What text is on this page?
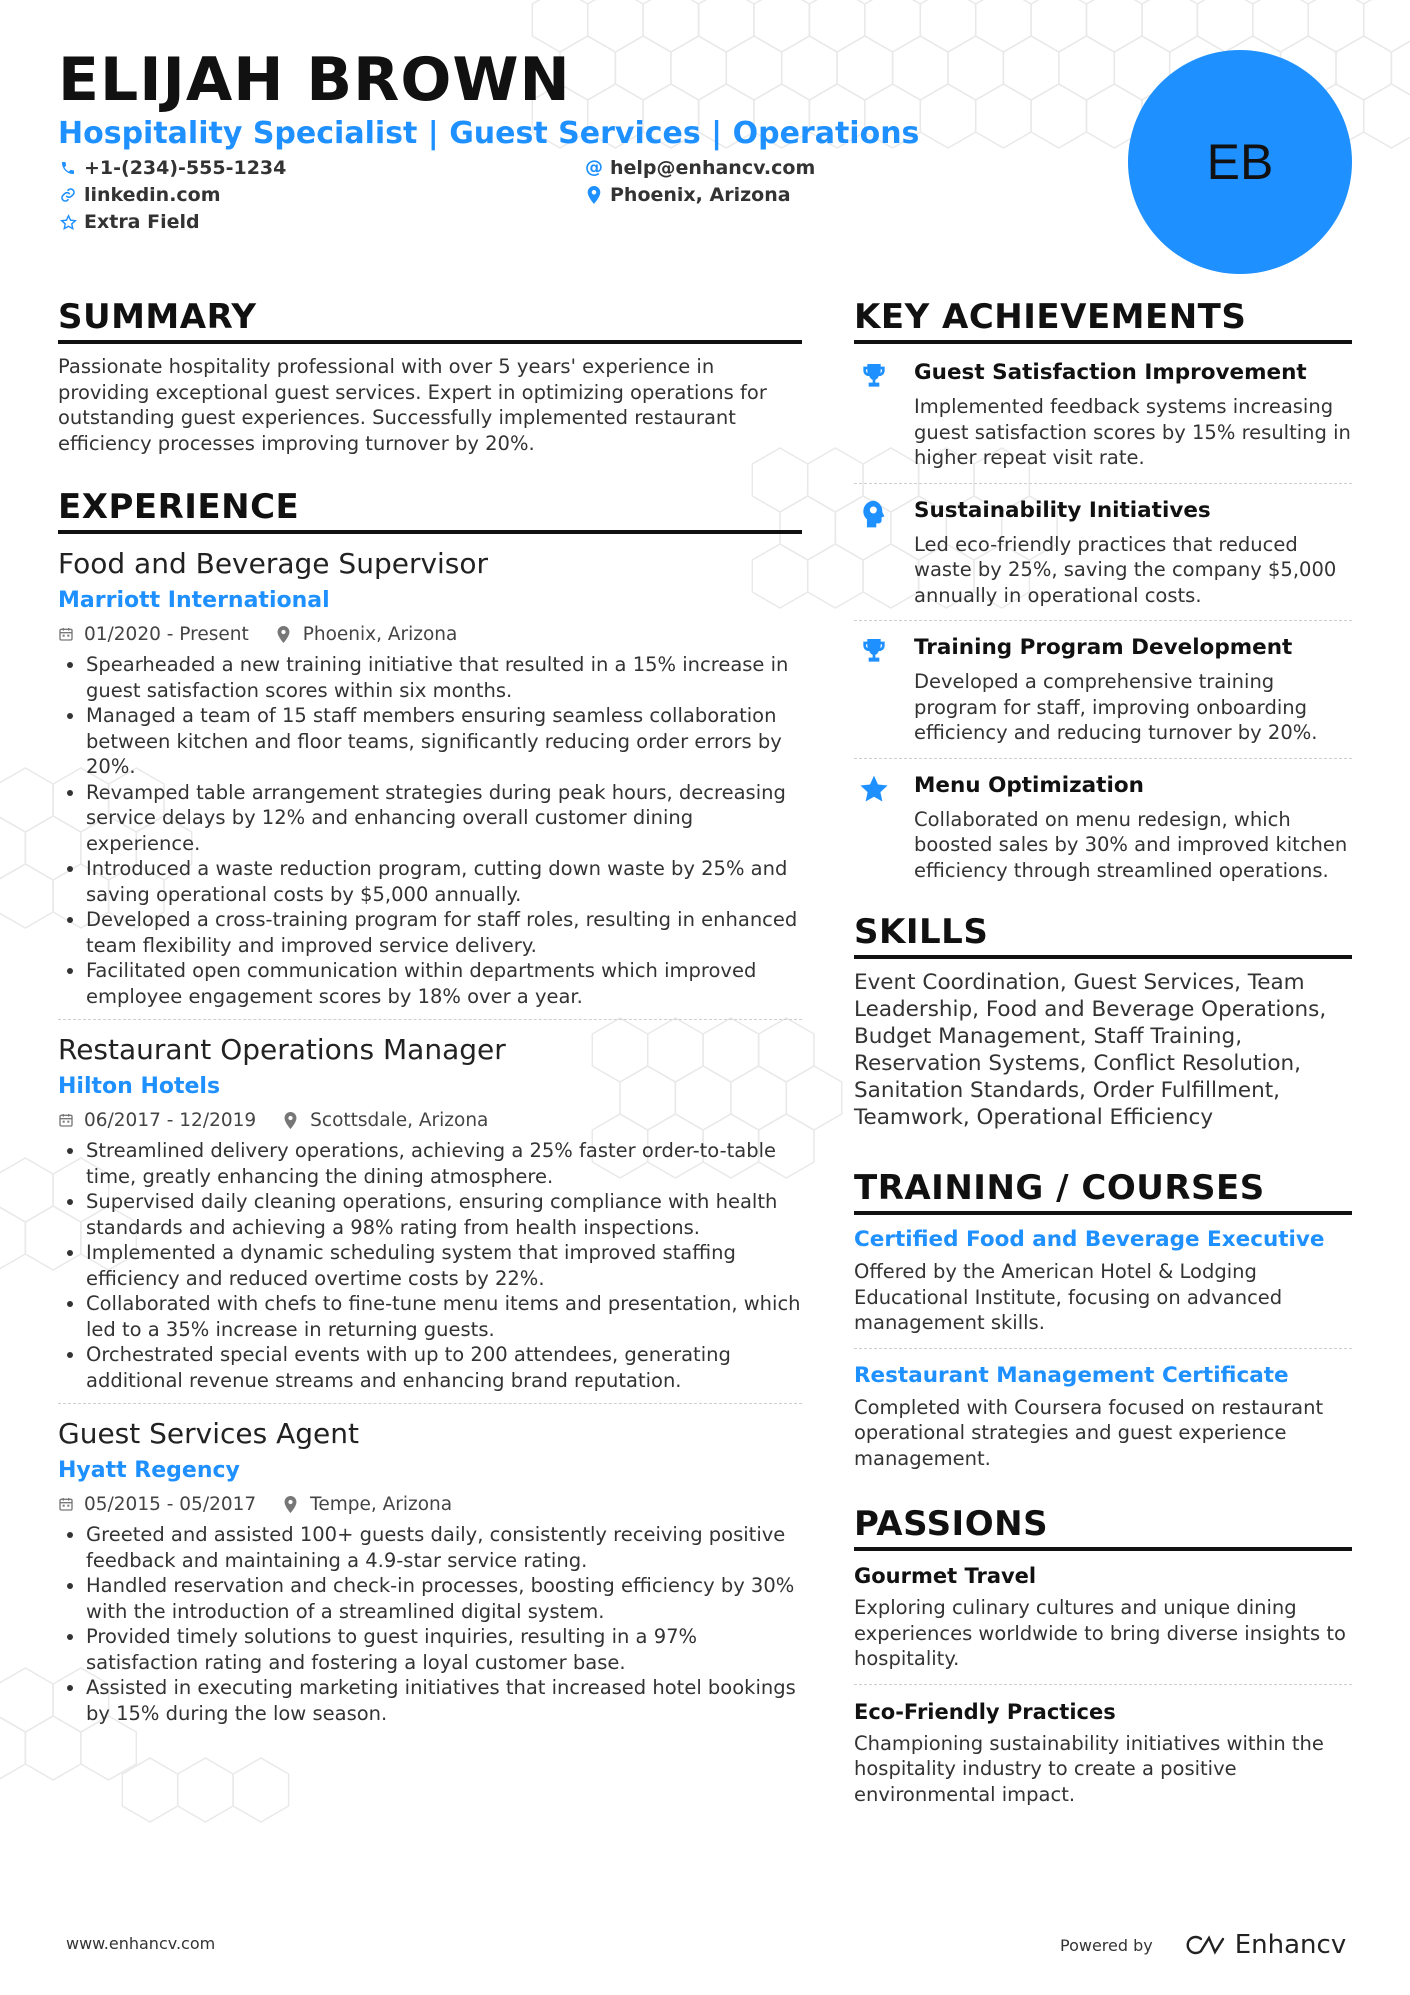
ELIJAH BROWN
Hospitality Specialist | Guest Services | Operations
+1-(234)-555-1234	@ help@enhancv.com
linkedin.com	Phoenix, Arizona
Extra Field
EB
SUMMARY

Passionate hospitality professional with over 5 years' experience in providing exceptional guest services. Expert in optimizing operations for outstanding guest experiences. Successfully implemented restaurant efficiency processes improving turnover by 20%.

EXPERIENCE
Food and Beverage Supervisor
Marriott International
01/2020 - Present	Phoenix, Arizona
• Spearheaded a new training initiative that resulted in a 15% increase in guest satisfaction scores within six months.
• Managed a team of 15 staff members ensuring seamless collaboration between kitchen and floor teams, significantly reducing order errors by 20%.
• Revamped table arrangement strategies during peak hours, decreasing service delays by 12% and enhancing overall customer dining experience.
• Introduced a waste reduction program, cutting down waste by 25% and saving operational costs by $5,000 annually.
• Developed a cross-training program for staff roles, resulting in enhanced team flexibility and improved service delivery.
• Facilitated open communication within departments which improved employee engagement scores by 18% over a year.
Restaurant Operations Manager
Hilton Hotels
06/2017 - 12/2019	Scottsdale, Arizona
• Streamlined delivery operations, achieving a 25% faster order-to-table time, greatly enhancing the dining atmosphere.
• Supervised daily cleaning operations, ensuring compliance with health standards and achieving a 98% rating from health inspections.
• Implemented a dynamic scheduling system that improved staffing efficiency and reduced overtime costs by 22%.
• Collaborated with chefs to fine-tune menu items and presentation, which led to a 35% increase in returning guests.
• Orchestrated special events with up to 200 attendees, generating additional revenue streams and enhancing brand reputation.
Guest Services Agent
Hyatt Regency
05/2015 - 05/2017	Tempe, Arizona
• Greeted and assisted 100+ guests daily, consistently receiving positive feedback and maintaining a 4.9-star service rating.
• Handled reservation and check-in processes, boosting efficiency by 30% with the introduction of a streamlined digital system.
• Provided timely solutions to guest inquiries, resulting in a 97% satisfaction rating and fostering a loyal customer base.
• Assisted in executing marketing initiatives that increased hotel bookings by 15% during the low season.
KEY ACHIEVEMENTS
Guest Satisfaction Improvement
Implemented feedback systems increasing guest satisfaction scores by 15% resulting in higher repeat visit rate.
Sustainability Initiatives
Led eco-friendly practices that reduced waste by 25%, saving the company $5,000 annually in operational costs.
Training Program Development
Developed a comprehensive training program for staff, improving onboarding efficiency and reducing turnover by 20%.
Menu Optimization
Collaborated on menu redesign, which boosted sales by 30% and improved kitchen efficiency through streamlined operations.
SKILLS
Event Coordination, Guest Services, Team Leadership, Food and Beverage Operations, Budget Management, Staff Training, Reservation Systems, Conflict Resolution, Sanitation Standards, Order Fulfillment, Teamwork, Operational Efficiency
TRAINING / COURSES
Certified Food and Beverage Executive
Offered by the American Hotel & Lodging Educational Institute, focusing on advanced management skills.
Restaurant Management Certificate
Completed with Coursera focused on restaurant operational strategies and guest experience management.
PASSIONS
Gourmet Travel
Exploring culinary cultures and unique dining experiences worldwide to bring diverse insights to hospitality.
Eco-Friendly Practices
Championing sustainability initiatives within the hospitality industry to create a positive environmental impact.
www.enhancv.com	Powered by	Enhancv
